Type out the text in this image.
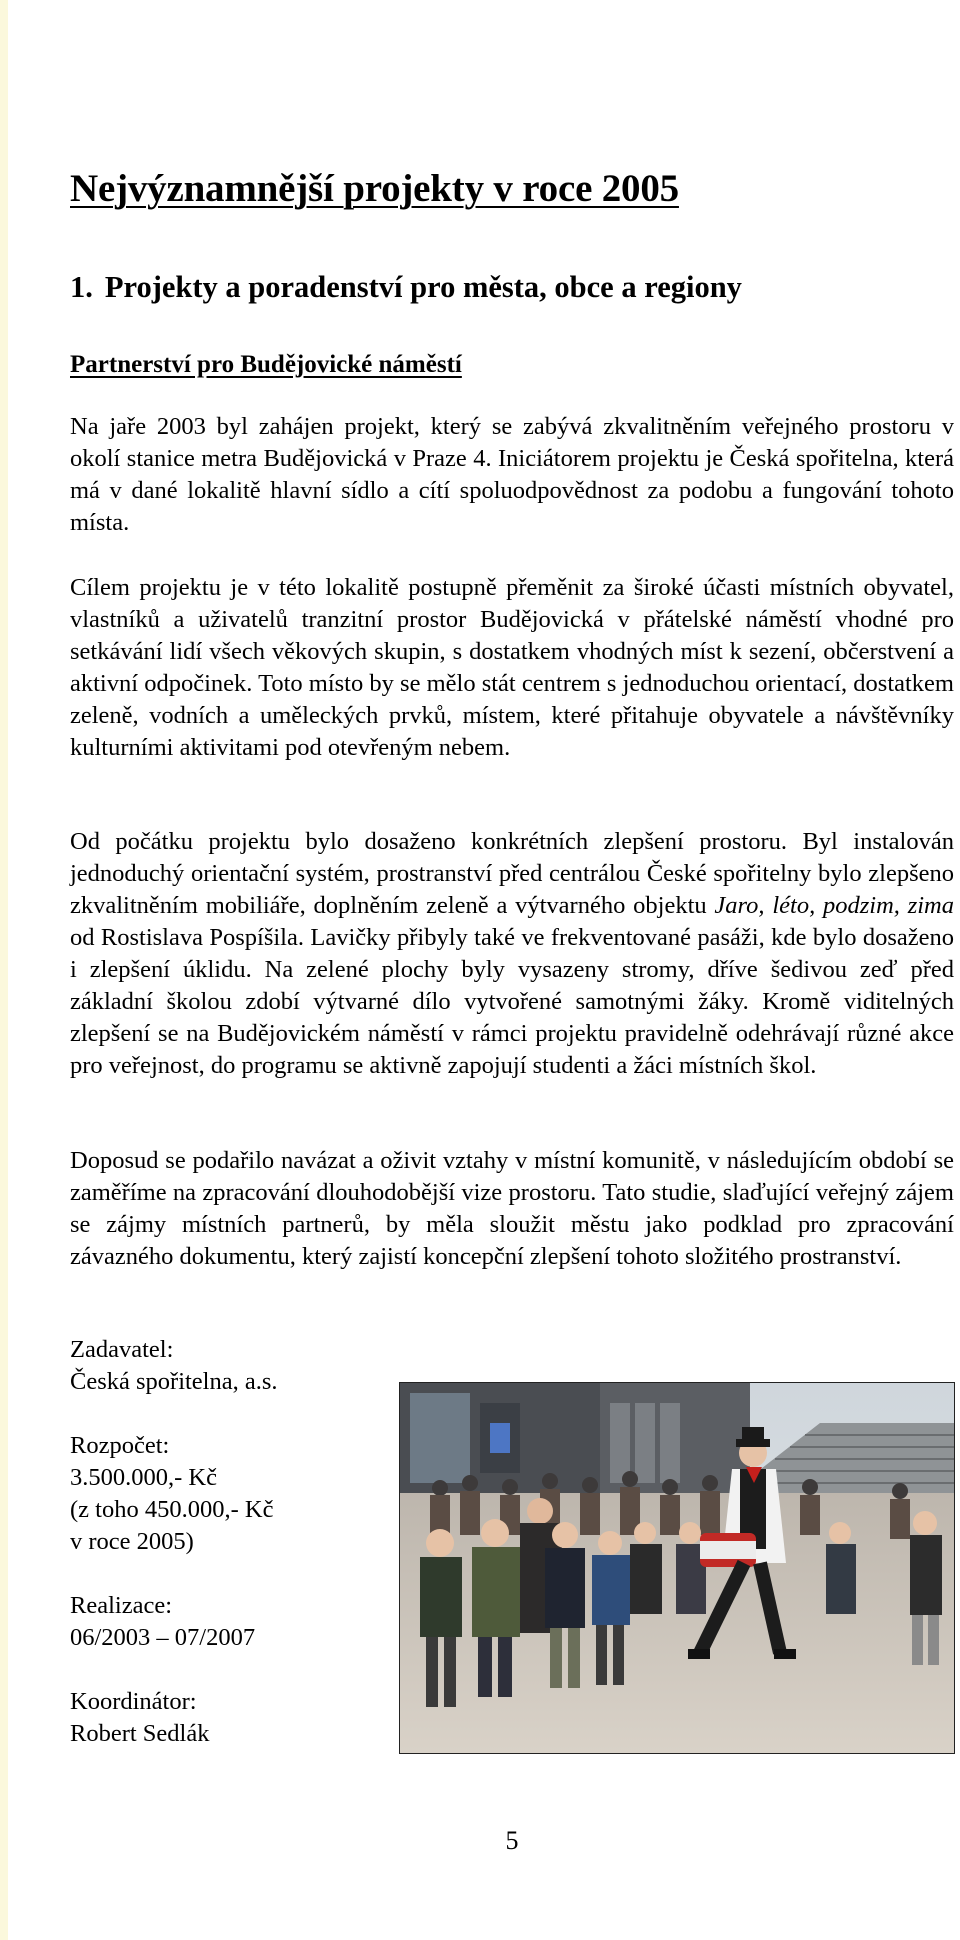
Nejvýznamnější projekty v roce 2005
1. Projekty a poradenství pro města, obce a regiony
Partnerství pro Budějovické náměstí

Na jaře 2003 byl zahájen projekt, který se zabývá zkvalitněním veřejného prostoru v okolí stanice metra Budějovická v Praze 4. Iniciátorem projektu je Česká spořitelna, která má v dané lokalitě hlavní sídlo a cítí spoluodpovědnost za podobu a fungování tohoto místa.

Cílem projektu je v této lokalitě postupně přeměnit za široké účasti místních obyvatel, vlastníků a uživatelů tranzitní prostor Budějovická v přátelské náměstí vhodné pro setkávání lidí všech věkových skupin, s dostatkem vhodných míst k sezení, občerstvení a aktivní odpočinek. Toto místo by se mělo stát centrem s jednoduchou orientací, dostatkem zeleně, vodních a uměleckých prvků, místem, které přitahuje obyvatele a návštěvníky kulturními aktivitami pod otevřeným nebem.

Od počátku projektu bylo dosaženo konkrétních zlepšení prostoru. Byl instalován jednoduchý orientační systém, prostranství před centrálou České spořitelny bylo zlepšeno zkvalitněním mobiliáře, doplněním zeleně a výtvarného objektu Jaro, léto, podzim, zima od Rostislava Pospíšila. Lavičky přibyly také ve frekventované pasáži, kde bylo dosaženo i zlepšení úklidu. Na zelené plochy byly vysazeny stromy, dříve šedivou zeď před základní školou zdobí výtvarné dílo vytvořené samotnými žáky. Kromě viditelných zlepšení se na Budějovickém náměstí v rámci projektu pravidelně odehrávají různé akce pro veřejnost, do programu se aktivně zapojují studenti a žáci místních škol.

Doposud se podařilo navázat a oživit vztahy v místní komunitě, v následujícím období se zaměříme na zpracování dlouhodobější vize prostoru. Tato studie, slaďující veřejný zájem se zájmy místních partnerů, by měla sloužit městu jako podklad pro zpracování závazného dokumentu, který zajistí koncepční zlepšení tohoto složitého prostranství.

Zadavatel:
Česká spořitelna, a.s.
Rozpočet:
3.500.000,- Kč
(z toho 450.000,- Kč
v roce 2005)
Realizace:
06/2003 – 07/2007
Koordinátor:
Robert Sedlák
5
